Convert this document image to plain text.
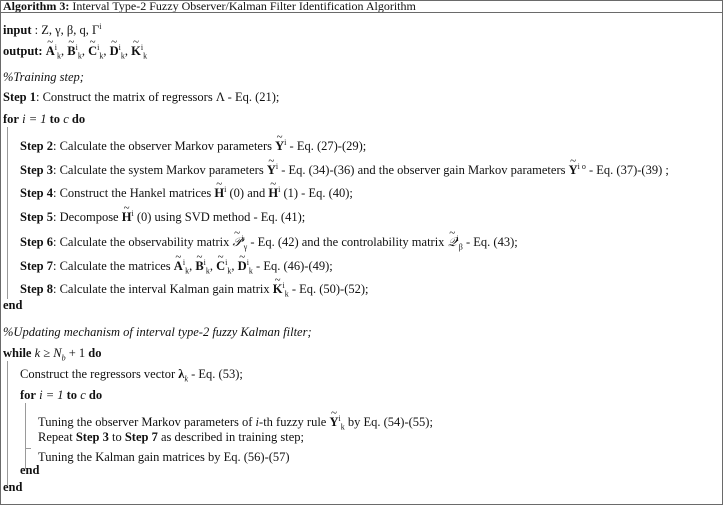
Algorithm 3: Interval Type-2 Fuzzy Observer/Kalman Filter Identification Algorithm
input : Z, γ, β, q, $\Gamma^i$
output: ~ $A^i_k$, ~ $B^i_k$, ~ $C^i_k$, ~ $D^i_k$, ~ $K^i_k$
%Training step;
Step 1: Construct the matrix of regressors Λ - Eq. (21);
for i = 1 to c do
Step 2: Calculate the observer Markov parameters ~ $Y^i$ - Eq. (27)-(29);
Step 3: Calculate the system Markov parameters ~ $Y^i$ - Eq. (34)-(36) and the observer gain Markov parameters ~ $Y^{i o}$ - Eq. (37)-(39) ;
Step 4: Construct the Hankel matrices ~ $H^i$ (0) and ~ $H^i$ (1) - Eq. (40);
Step 5: Decompose ~ $H^i$ (0) using SVD method - Eq. (41);
Step 6: Calculate the observability matrix ~ 𝒫$^i_\gamma$ - Eq. (42) and the controlability matrix ~ 𝒬$^i_\beta$ - Eq. (43);
Step 7: Calculate the matrices ~ $A^i_k$, ~ $B^i_k$, ~ $C^i_k$, ~ $D^i_k$ - Eq. (46)-(49);
Step 8: Calculate the interval Kalman gain matrix ~ $K^i_k$ - Eq. (50)-(52);
end
%Updating mechanism of interval type-2 fuzzy Kalman filter;
while $k \ge N_b + 1$ do
Construct the regressors vector $\lambda_k$ - Eq. (53);
for i = 1 to c do
Tuning the observer Markov parameters of i-th fuzzy rule ~ $Y^i_k$ by Eq. (54)-(55);
Repeat Step 3 to Step 7 as described in training step;
Tuning the Kalman gain matrices by Eq. (56)-(57)
end
end
